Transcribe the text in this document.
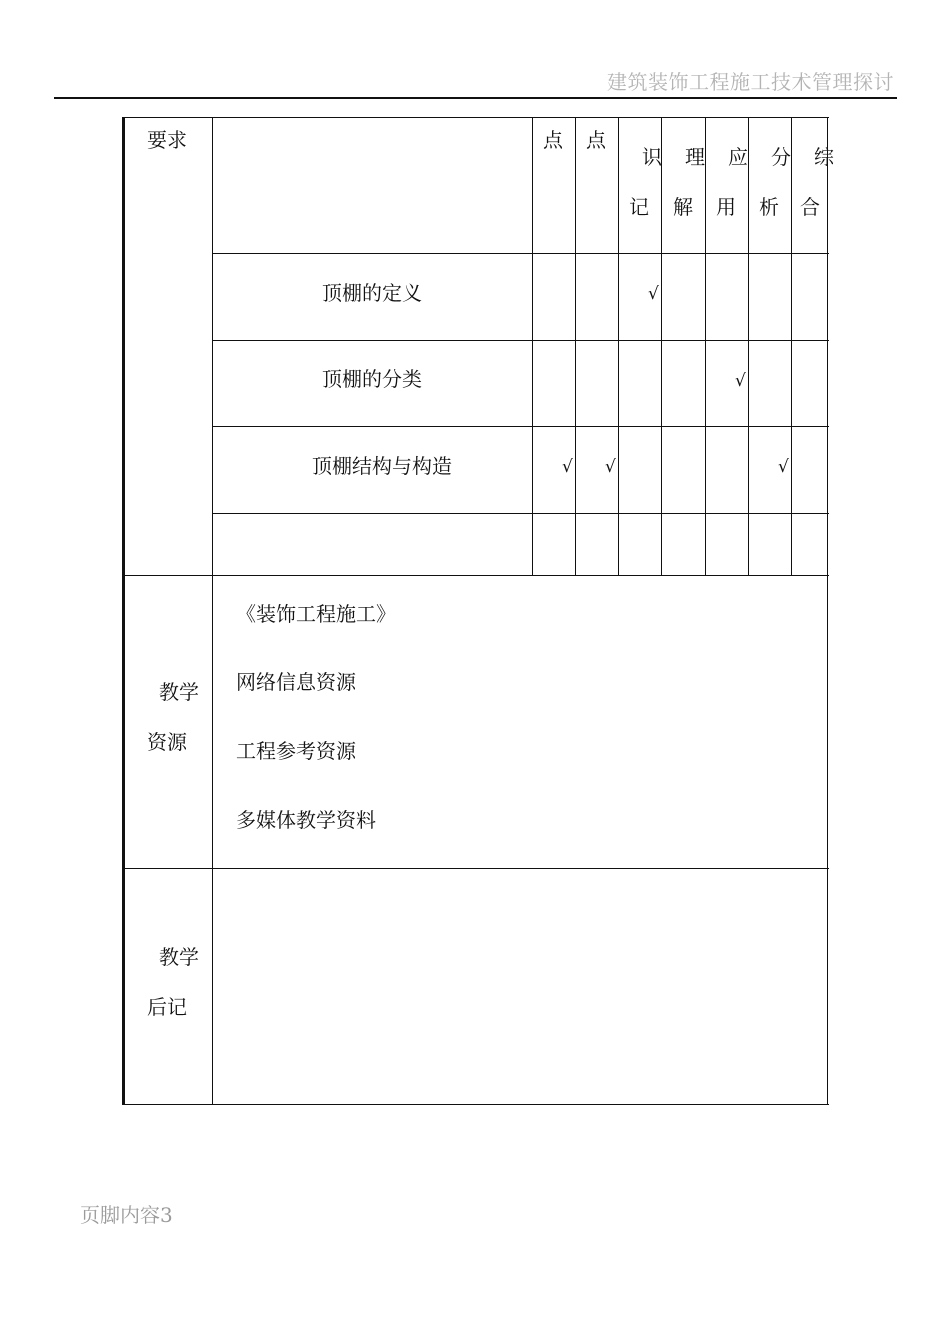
建筑装饰工程施工技术管理探讨
要求	点 点
识
记
理
解
应
用
分
析
综
合
顶棚的定义
顶棚的分类
顶棚结构与构造
√
√
√ √	√
教学
资源
《装饰工程施工》
网络信息资源
工程参考资源
多媒体教学资料
教学
后记
页脚内容3
